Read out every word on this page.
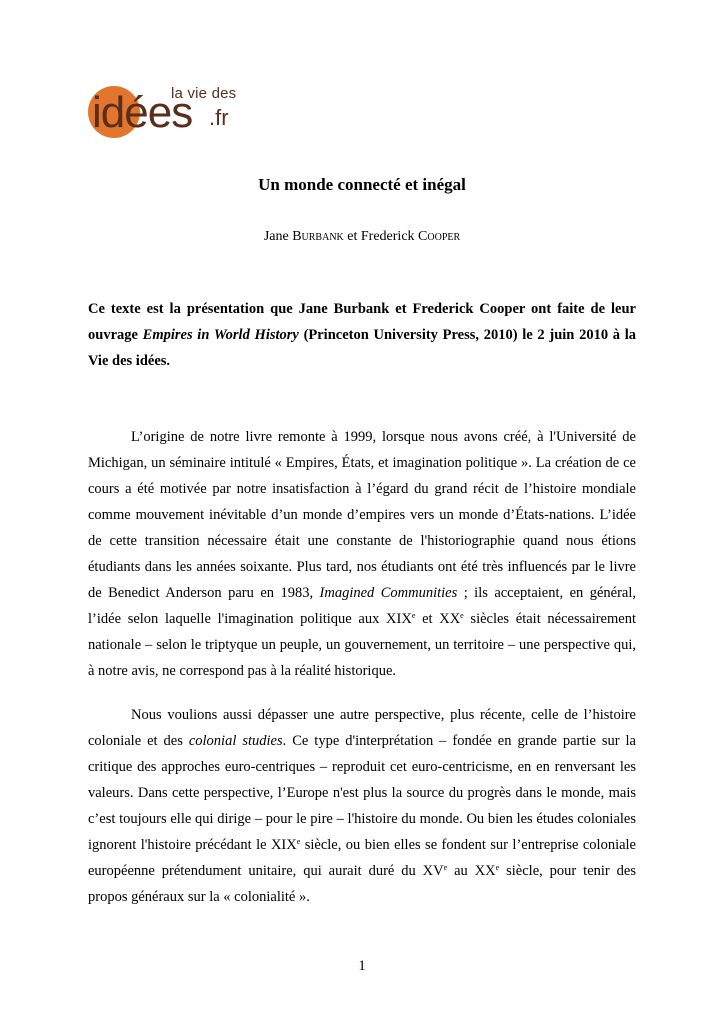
la vie des
idées .fr
Un monde connecté et inégal
Jane Burbank et Frederick Cooper

Ce texte est la présentation que Jane Burbank et Frederick Cooper ont faite de leur ouvrage Empires in World History (Princeton University Press, 2010) le 2 juin 2010 à la Vie des idées.

L’origine de notre livre remonte à 1999, lorsque nous avons créé, à l'Université de Michigan, un séminaire intitulé « Empires, États, et imagination politique ». La création de ce cours a été motivée par notre insatisfaction à l’égard du grand récit de l’histoire mondiale comme mouvement inévitable d’un monde d’empires vers un monde d’États-nations. L’idée de cette transition nécessaire était une constante de l'historiographie quand nous étions étudiants dans les années soixante. Plus tard, nos étudiants ont été très influencés par le livre de Benedict Anderson paru en 1983, Imagined Communities ; ils acceptaient, en général, l’idée selon laquelle l'imagination politique aux XIXe et XXe siècles était nécessairement nationale – selon le triptyque un peuple, un gouvernement, un territoire – une perspective qui, à notre avis, ne correspond pas à la réalité historique.

Nous voulions aussi dépasser une autre perspective, plus récente, celle de l’histoire coloniale et des colonial studies. Ce type d'interprétation – fondée en grande partie sur la critique des approches euro-centriques – reproduit cet euro-centricisme, en en renversant les valeurs. Dans cette perspective, l’Europe n'est plus la source du progrès dans le monde, mais c’est toujours elle qui dirige – pour le pire – l'histoire du monde. Ou bien les études coloniales ignorent l'histoire précédant le XIXe siècle, ou bien elles se fondent sur l’entreprise coloniale européenne prétendument unitaire, qui aurait duré du XVe au XXe siècle, pour tenir des propos généraux sur la « colonialité ».

1
